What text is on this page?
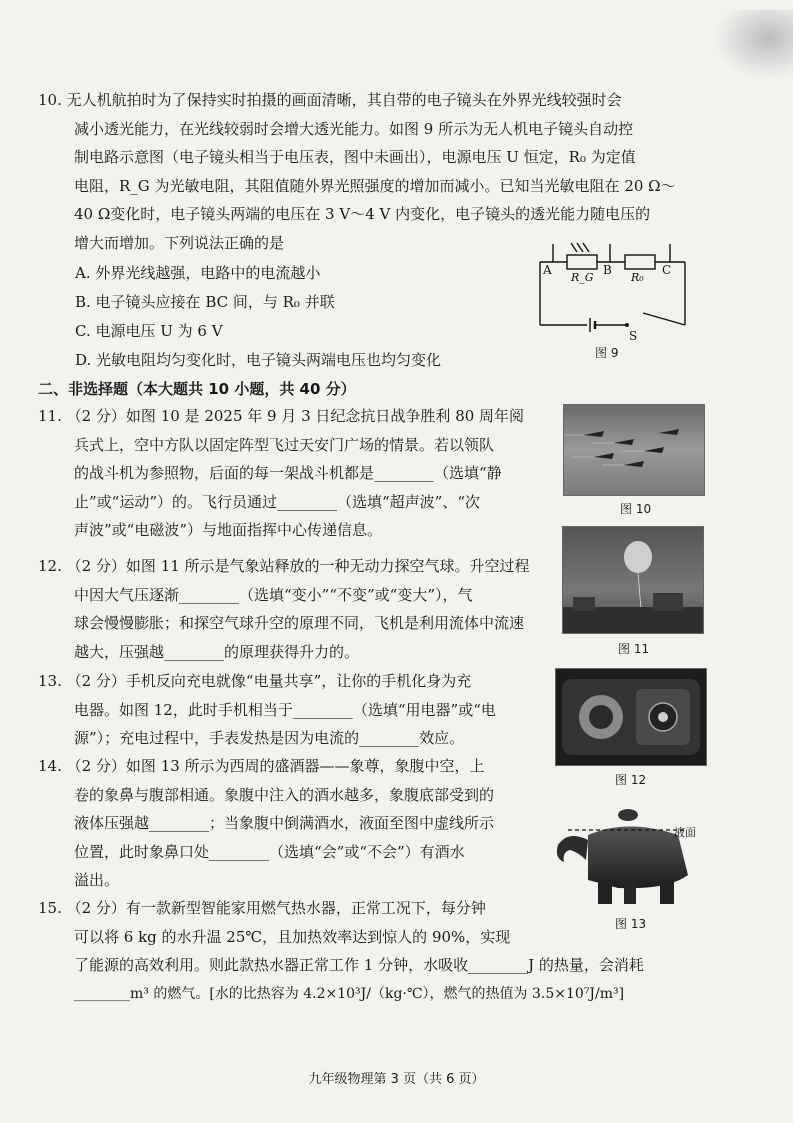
10. 无人机航拍时为了保持实时拍摄的画面清晰，其自带的电子镜头在外界光线较强时会
减小透光能力，在光线较弱时会增大透光能力。如图 9 所示为无人机电子镜头自动控
制电路示意图（电子镜头相当于电压表，图中未画出），电源电压 U 恒定，R₀ 为定值
电阻，R_G 为光敏电阻，其阻值随外界光照强度的增加而减小。已知当光敏电阻在 20 Ω～
40 Ω变化时，电子镜头两端的电压在 3 V～4 V 内变化，电子镜头的透光能力随电压的
增大而增加。下列说法正确的是
A. 外界光线越强，电路中的电流越小
B. 电子镜头应接在 BC 间，与 R₀ 并联
C. 电源电压 U 为 6 V
D. 光敏电阻均匀变化时，电子镜头两端电压也均匀变化
A
R_G
B
R₀
C
S
图 9
二、非选择题（本大题共 10 小题，共 40 分）
11. （2 分）如图 10 是 2025 年 9 月 3 日纪念抗日战争胜利 80 周年阅
兵式上，空中方队以固定阵型飞过天安门广场的情景。若以领队
的战斗机为参照物，后面的每一架战斗机都是________（选填“静
止”或“运动”）的。飞行员通过________（选填“超声波”、“次
声波”或“电磁波”）与地面指挥中心传递信息。
图 10
12. （2 分）如图 11 所示是气象站释放的一种无动力探空气球。升空过程
中因大气压逐渐________（选填“变小”“不变”或“变大”），气
球会慢慢膨胀；和探空气球升空的原理不同，飞机是利用流体中流速
越大，压强越________的原理获得升力的。	图 11
13. （2 分）手机反向充电就像“电量共享”，让你的手机化身为充
电器。如图 12，此时手机相当于________（选填“用电器”或“电
源”）；充电过程中，手表发热是因为电流的________效应。
图 12
14. （2 分）如图 13 所示为西周的盛酒器——象尊，象腹中空，上
卷的象鼻与腹部相通。象腹中注入的酒水越多，象腹底部受到的
液体压强越________；当象腹中倒满酒水，液面至图中虚线所示
位置，此时象鼻口处________（选填“会”或“不会”）有酒水
溢出。
液面
图 13
15. （2 分）有一款新型智能家用燃气热水器，正常工况下，每分钟
可以将 6 kg 的水升温 25℃，且加热效率达到惊人的 90%，实现
了能源的高效利用。则此款热水器正常工作 1 分钟，水吸收________J 的热量，会消耗
________m³ 的燃气。[水的比热容为 4.2×10³J/（kg·℃），燃气的热值为 3.5×10⁷J/m³]
九年级物理第 3 页（共 6 页）
